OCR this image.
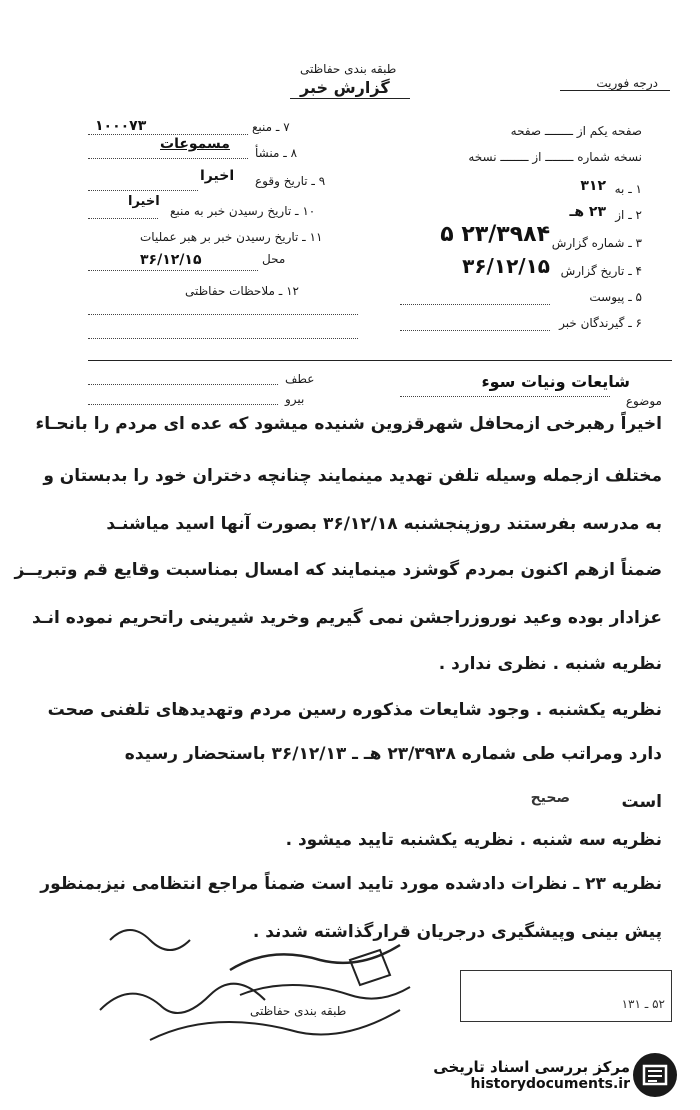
طبقه بندی حفاظتی
گزارش خبر	درجه فوریت
۱۰۰۰۷۳	۷ ـ منبع
مسموعات
۸ ـ منشأ
اخیرا ۹ ـ تاریخ وقوع
اخیرا
۱۰ ـ تاریخ رسیدن خبر به منبع
۱۱ ـ تاریخ رسیدن خبر بر هبر عملیات
محل
۳۶/۱۲/۱۵
۱۲ ـ ملاحظات حفاظتی
صفحه یکم از ــــــــ صفحه
نسخه شماره ــــــــ از ــــــــ نسخه
۱ ـ به
۳۱۲
۲ ـ از
۲۳ هـ
۳ ـ شماره گزارش
۲۳/۳۹۸۴ ۵
۴ ـ تاریخ گزارش
۳۶/۱۲/۱۵
۵ ـ پیوست
۶ ـ گیرندگان خبر
عطف
بیرو
شایعات ونیات سوء
موضوع
اخیراً رهبرخی ازمحافل شهرقزوین شنیده میشود که عده ای مردم را بانحـاء
مختلف ازجمله وسیله تلفن تهدید مینمایند چنانچه دختران خود را بدبستان و
به مدرسه بفرستند روزپنجشنبه ۳۶/۱۲/۱۸ بصورت آنها اسید میاشنـد
ضمناً ازهم اکنون بمردم گوشزد مینمایند که امسال بمناسبت وقایع قم وتبریــز
عزادار بوده وعید نوروزراجشن نمی گیریم وخرید شیرینی راتحریم نموده انـد
نظریه شنبه . نظری ندارد .
نظریه یکشنبه . وجود شایعات مذکوره رسین مردم وتهدیدهای تلفنی صحت
دارد ومراتب طی شماره ۲۳/۳۹۳۸ هـ ـ ۳۶/۱۲/۱۳ باستحضار رسیده
است
صحیح
نظریه سه شنبه . نظریه یکشنبه تایید میشود .
نظریه ۲۳ ـ نظرات دادشده مورد تایید است ضمناً مراجع انتظامی نیزبمنظور
پیش بینی وپیشگیری درجریان قرارگذاشته شدند .
۵۲ ـ ۱۳۱
طبقه بندی حفاظتی
مرکز بررسی اسناد تاریخی
historydocuments.ir
